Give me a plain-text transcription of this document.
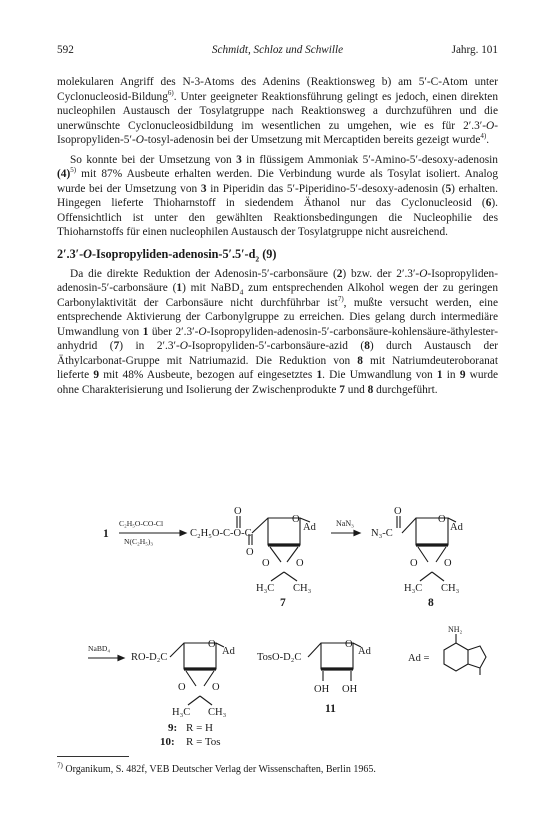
592	Schmidt, Schloz und Schwille	Jahrg. 101

molekularen Angriff des N-3-Atoms des Adenins (Reaktionsweg b) am 5′-C-Atom unter Cyclonucleosid-Bildung$^{6)}$. Unter geeigneter Reaktionsführung gelingt es jedoch, einen direkten nucleophilen Austausch der Tosylatgruppe nach Reaktionsweg a durchzuführen und die unerwünschte Cyclonucleosidbildung im wesentlichen zu umgehen, wie es für 2′.3′-O-Isopropyliden-5′-O-tosyl-adenosin bei der Umsetzung mit Mercaptiden bereits gezeigt wurde$^{4)}$.

So konnte bei der Umsetzung von 3 in flüssigem Ammoniak 5′-Amino-5′-desoxy-adenosin $(4)^{5)}$ mit 87% Ausbeute erhalten werden. Die Verbindung wurde als Tosylat isoliert. Analog wurde bei der Umsetzung von 3 in Piperidin das 5′-Piperidino-5′-desoxy-adenosin (5) erhalten. Hingegen lieferte Thioharnstoff in siedendem Äthanol nur das Cyclonucleosid (6). Offensichtlich ist unter den gewählten Reaktionsbedingungen die Nucleophilie des Thioharnstoffs für einen nucleophilen Austausch der Tosylatgruppe nicht ausreichend.

$2'.3'-O-Isopropyliden-adenosin-5'.5'-d_2$ (9)

Da die direkte Reduktion der Adenosin-5′-carbonsäure (2) bzw. der 2′.3′-O-Isopropyliden-adenosin-5′-carbonsäure (1) mit NaBD$_4$ zum entsprechenden Alkohol wegen der zu geringen Carbonylaktivität der Carbonsäure nicht durchführbar ist$^{7)}$, mußte versucht werden, eine entsprechende Aktivierung der Carbonylgruppe zu erreichen. Dies gelang durch intermediäre Umwandlung von 1 über 2′.3′-O-Isopropyliden-adenosin-5′-carbonsäure-kohlensäure-äthylester-anhydrid (7) in 2′.3′-O-Isopropyliden-5′-carbonsäure-azid (8) durch Austausch der Äthylcarbonat-Gruppe mit Natriumazid. Die Reduktion von 8 mit Natriumdeuteroboranat lieferte 9 mit 48% Ausbeute, bezogen auf eingesetztes 1. Die Umwandlung von 1 in 9 wurde ohne Charakterisierung und Isolierung der Zwischenprodukte 7 und 8 durchgeführt.

1
C₂H₅O-CO-Cl
N(C₂H₅)₃
C₂H₅O-C-O-C
O
O
O
Ad
O	O
H₃C CH₃
7
NaN₃
N₃-C
O
O
Ad
O	O
H₃C CH₃
8
NaBD₄
RO-D₂C
O
Ad
O	O
H₃C CH₃
9: R = H
10: R = Tos
TosO-D₂C
O
Ad
OH OH
11
Ad =
NH₂
$^{7)}$ Organikum, S. 482f, VEB Deutscher Verlag der Wissenschaften, Berlin 1965.
